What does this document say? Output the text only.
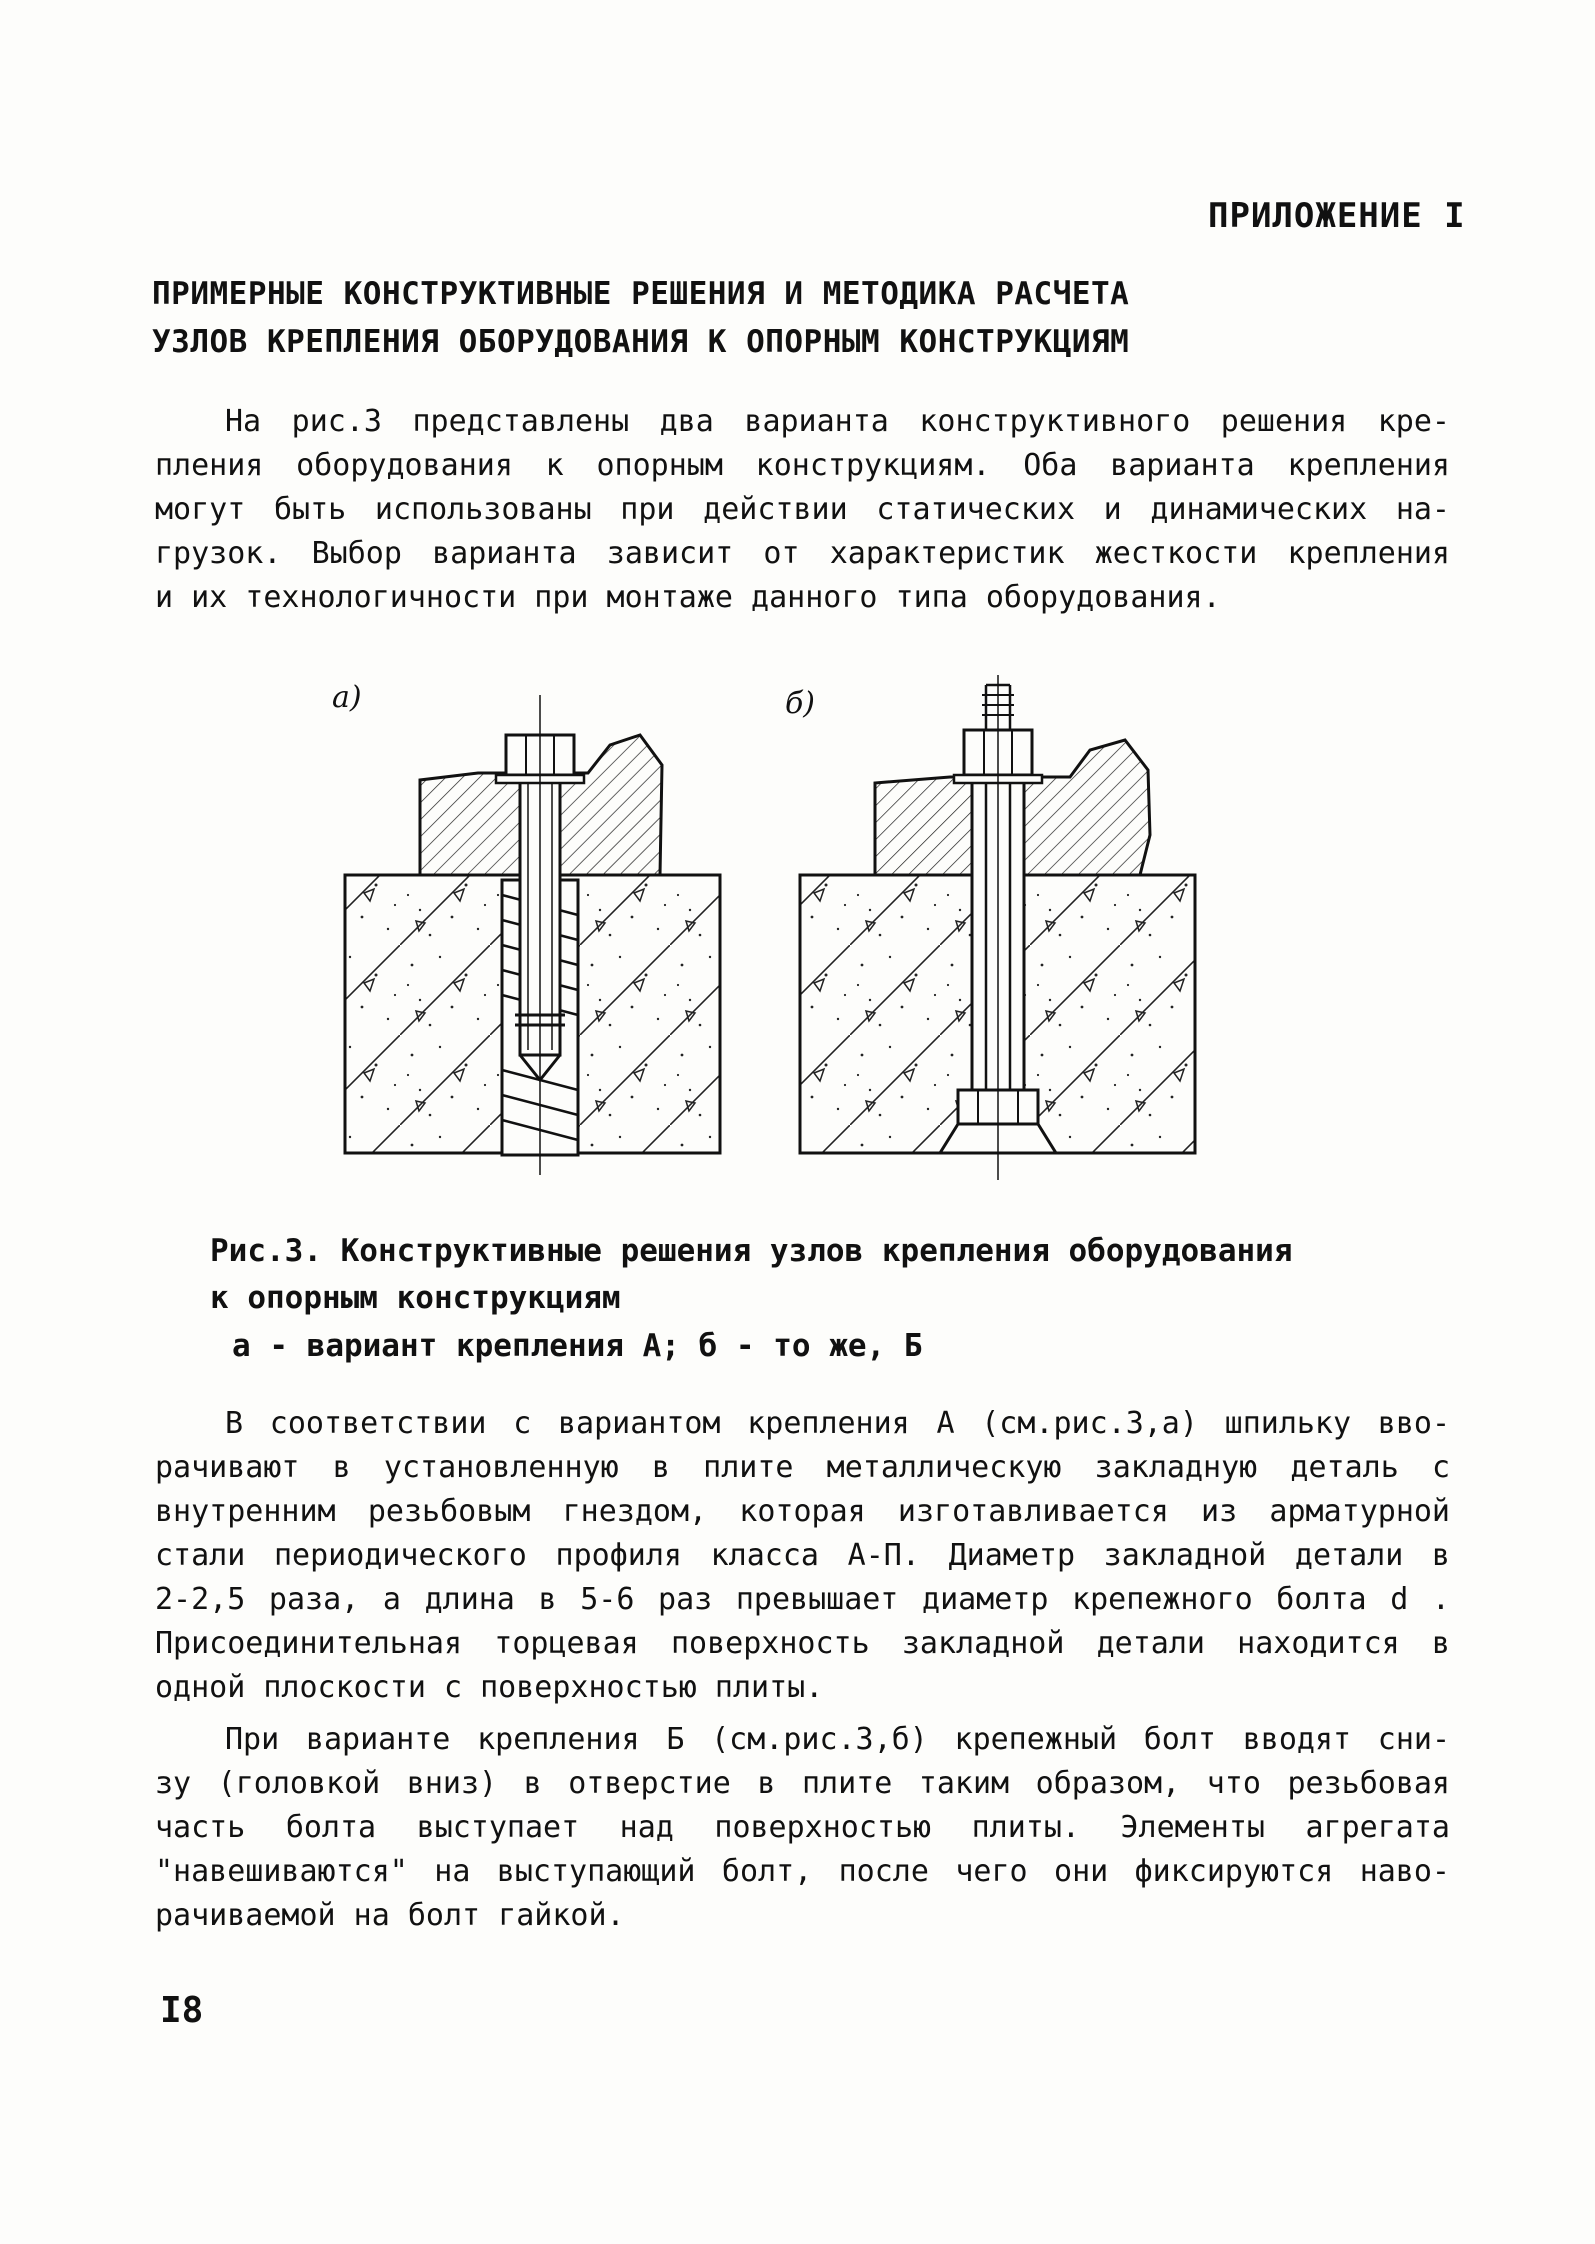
ПРИЛОЖЕНИЕ I
ПРИМЕРНЫЕ КОНСТРУКТИВНЫЕ РЕШЕНИЯ И МЕТОДИКА РАСЧЕТА
УЗЛОВ КРЕПЛЕНИЯ ОБОРУДОВАНИЯ К ОПОРНЫМ КОНСТРУКЦИЯМ
На рис.3 представлены два варианта конструктивного решения кре-
пления оборудования к опорным конструкциям. Оба варианта крепления
могут быть использованы при действии статических и динамических на-
грузок. Выбор варианта зависит от характеристик жесткости крепления
и их технологичности при монтаже данного типа оборудования.
а)	б)
Рис.3. Конструктивные решения узлов крепления оборудования
к опорным конструкциям
а - вариант крепления А; б - то же, Б
В соответствии с вариантом крепления А (см.рис.3,а) шпильку вво-
рачивают в установленную в плите металлическую закладную деталь с
внутренним резьбовым гнездом, которая изготавливается из арматурной
стали периодического профиля класса А-П. Диаметр закладной детали в
2-2,5 раза, а длина в 5-6 раз превышает диаметр крепежного болта d .
Присоединительная торцевая поверхность закладной детали находится в
одной плоскости с поверхностью плиты.
При варианте крепления Б (см.рис.3,б) крепежный болт вводят сни-
зу (головкой вниз) в отверстие в плите таким образом, что резьбовая
часть болта выступает над поверхностью плиты. Элементы агрегата
"навешиваются" на выступающий болт, после чего они фиксируются наво-
рачиваемой на болт гайкой.
I8
